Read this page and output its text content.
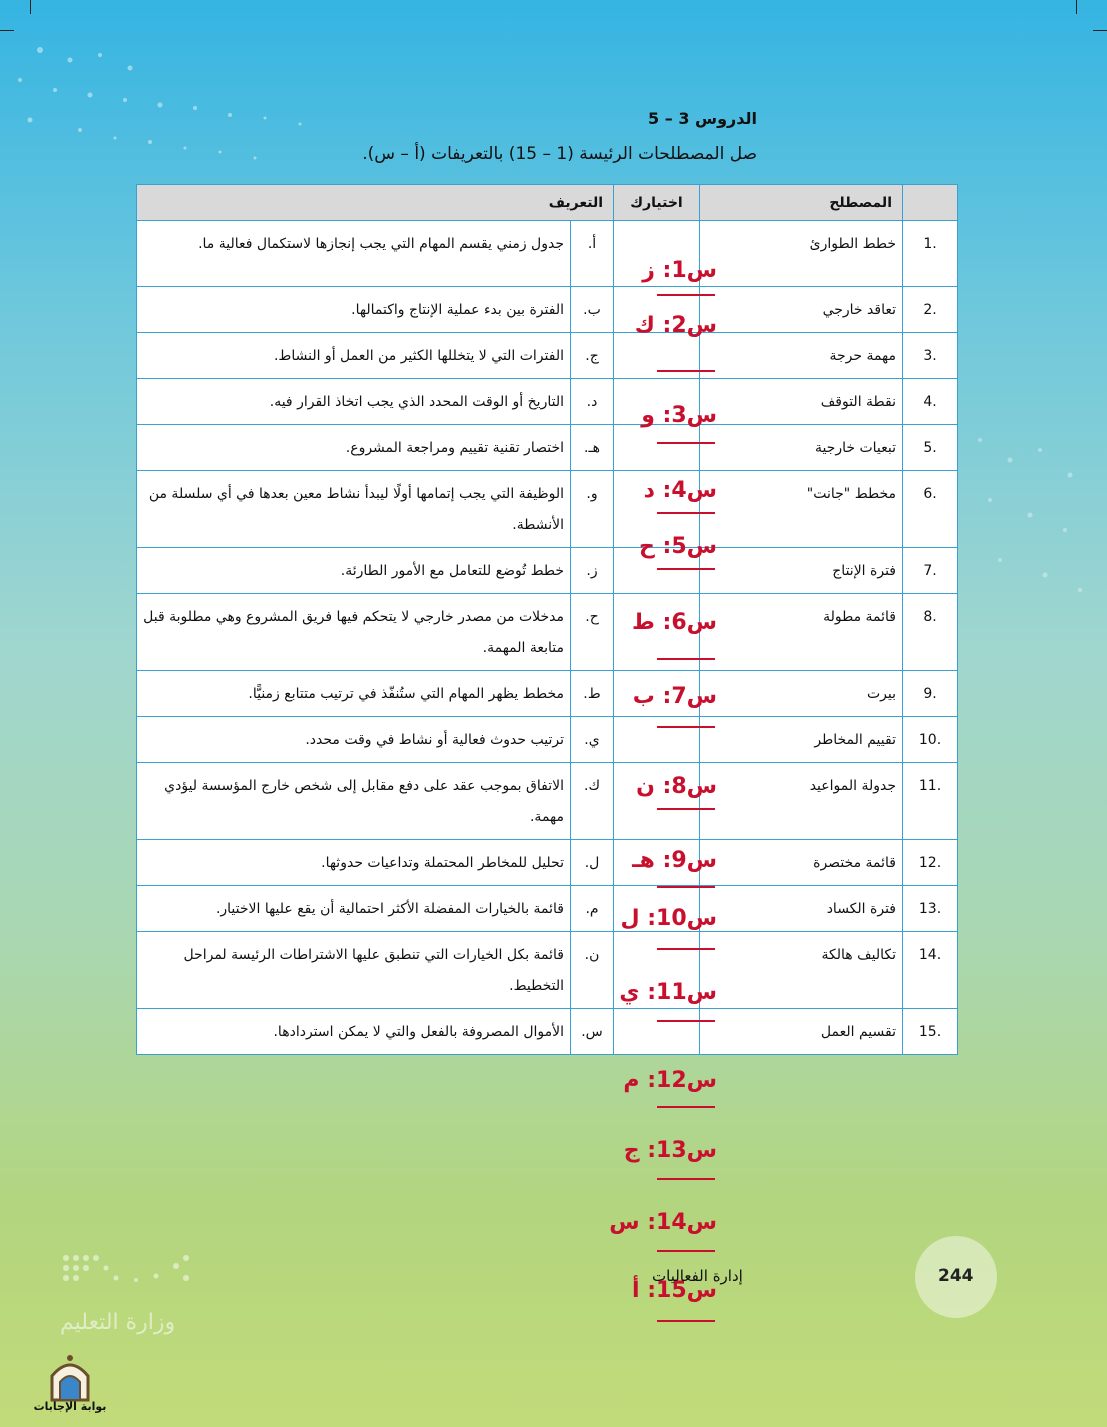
الدروس 3 – 5
صل المصطلحات الرئيسة (1 – 15) بالتعريفات (أ – س).
	المصطلح	اختيارك	التعريف	
.1	خطط الطوارئ		أ.	جدول زمني يقسم المهام التي يجب إنجازها لاستكمال فعالية ما.
.2	تعاقد خارجي		ب.	الفترة بين بدء عملية الإنتاج واكتمالها.
.3	مهمة حرجة		ج.	الفترات التي لا يتخللها الكثير من العمل أو النشاط.
.4	نقطة التوقف		د.	التاريخ أو الوقت المحدد الذي يجب اتخاذ القرار فيه.
.5	تبعيات خارجية		هـ.	اختصار تقنية تقييم ومراجعة المشروع.
.6	مخطط "جانت"		و.	الوظيفة التي يجب إتمامها أولًا ليبدأ نشاط معين بعدها في أي سلسلة من الأنشطة.
.7	فترة الإنتاج		ز.	خطط تُوضع للتعامل مع الأمور الطارئة.
.8	قائمة مطولة		ح.	مدخلات من مصدر خارجي لا يتحكم فيها فريق المشروع وهي مطلوبة قبل متابعة المهمة.
.9	بيرت		ط.	مخطط يظهر المهام التي ستُنفّذ في ترتيب متتابع زمنيًّا.
.10	تقييم المخاطر		ي.	ترتيب حدوث فعالية أو نشاط في وقت محدد.
.11	جدولة المواعيد		ك.	الاتفاق بموجب عقد على دفع مقابل إلى شخص خارج المؤسسة ليؤدي مهمة.
.12	قائمة مختصرة		ل.	تحليل للمخاطر المحتملة وتداعيات حدوثها.
.13	فترة الكساد		م.	قائمة بالخيارات المفضلة الأكثر احتمالية أن يقع عليها الاختيار.
.14	تكاليف هالكة		ن.	قائمة بكل الخيارات التي تنطبق عليها الاشتراطات الرئيسة لمراحل التخطيط.
.15	تقسيم العمل		س.	الأموال المصروفة بالفعل والتي لا يمكن استردادها.
س1: ز
س2: ك
س3: و
س4: د
س5: ح
س6: ط
س7: ب
س8: ن
س9: هـ
س10: ل
س11: ي
س12: م
س13: ج
س14: س
س15: أ
244
إدارة الفعاليات
وزارة التعليم
بوابة الإجابات
